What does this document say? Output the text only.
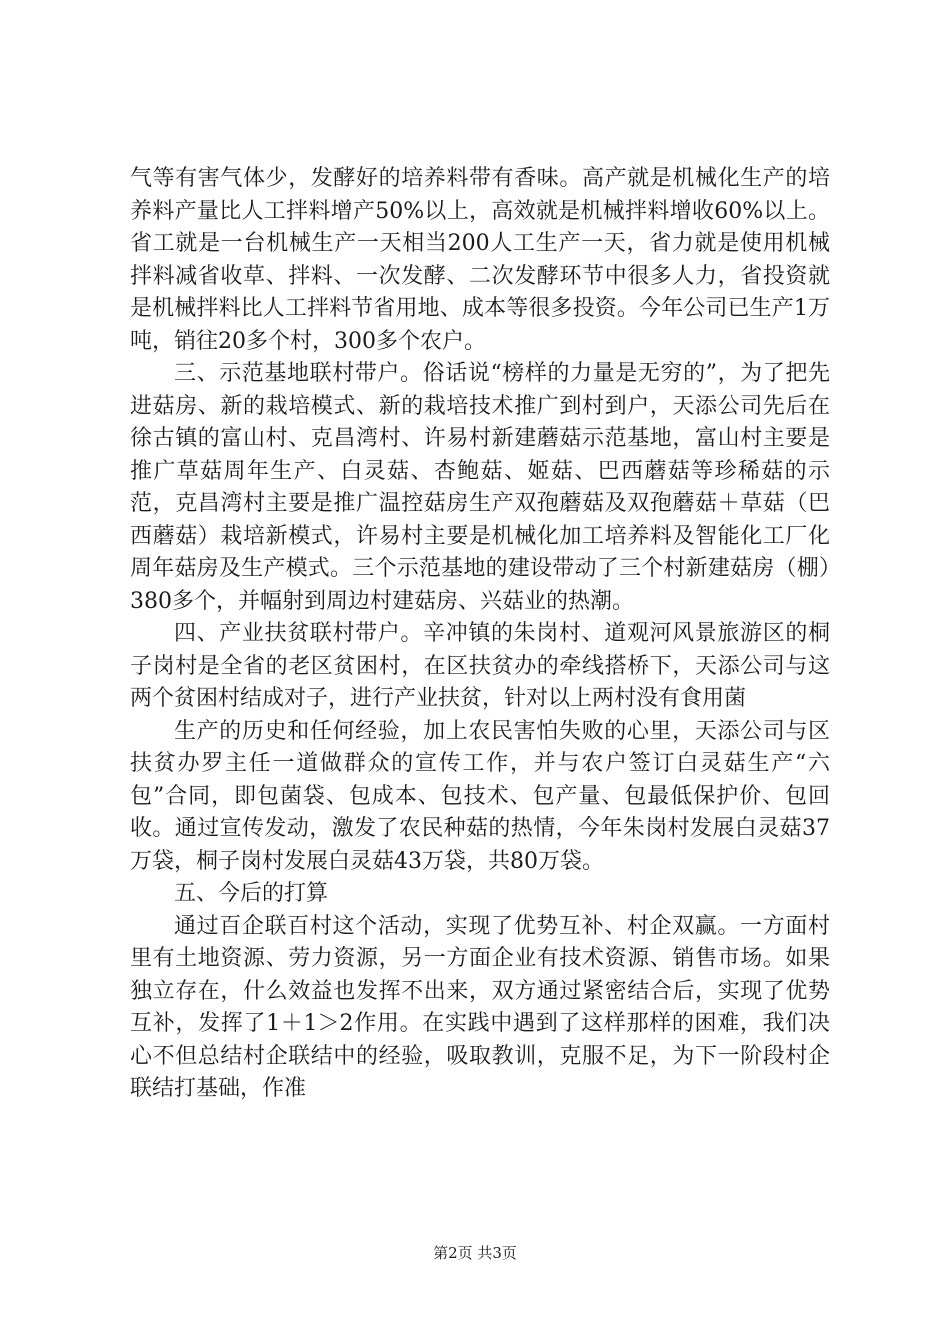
气等有害气体少，发酵好的培养料带有香味。高产就是机械化生产的培养料产量比人工拌料增产50%以上，高效就是机械拌料增收60%以上。省工就是一台机械生产一天相当200人工生产一天，省力就是使用机械拌料减省收草、拌料、一次发酵、二次发酵环节中很多人力，省投资就是机械拌料比人工拌料节省用地、成本等很多投资。今年公司已生产1万吨，销往20多个村，300多个农户。

三、示范基地联村带户。俗话说“榜样的力量是无穷的”，为了把先进菇房、新的栽培模式、新的栽培技术推广到村到户，天添公司先后在徐古镇的富山村、克昌湾村、许易村新建蘑菇示范基地，富山村主要是推广草菇周年生产、白灵菇、杏鲍菇、姬菇、巴西蘑菇等珍稀菇的示范，克昌湾村主要是推广温控菇房生产双孢蘑菇及双孢蘑菇＋草菇（巴西蘑菇）栽培新模式，许易村主要是机械化加工培养料及智能化工厂化周年菇房及生产模式。三个示范基地的建设带动了三个村新建菇房（棚）380多个，并幅射到周边村建菇房、兴菇业的热潮。

四、产业扶贫联村带户。辛冲镇的朱岗村、道观河风景旅游区的桐子岗村是全省的老区贫困村，在区扶贫办的牵线搭桥下，天添公司与这两个贫困村结成对子，进行产业扶贫，针对以上两村没有食用菌

生产的历史和任何经验，加上农民害怕失败的心里，天添公司与区扶贫办罗主任一道做群众的宣传工作，并与农户签订白灵菇生产“六包”合同，即包菌袋、包成本、包技术、包产量、包最低保护价、包回收。通过宣传发动，激发了农民种菇的热情，今年朱岗村发展白灵菇37万袋，桐子岗村发展白灵菇43万袋，共80万袋。

五、今后的打算

通过百企联百村这个活动，实现了优势互补、村企双赢。一方面村里有土地资源、劳力资源，另一方面企业有技术资源、销售市场。如果独立存在，什么效益也发挥不出来，双方通过紧密结合后，实现了优势互补，发挥了1＋1＞2作用。在实践中遇到了这样那样的困难，我们决心不但总结村企联结中的经验，吸取教训，克服不足，为下一阶段村企联结打基础，作准

第2页 共3页
